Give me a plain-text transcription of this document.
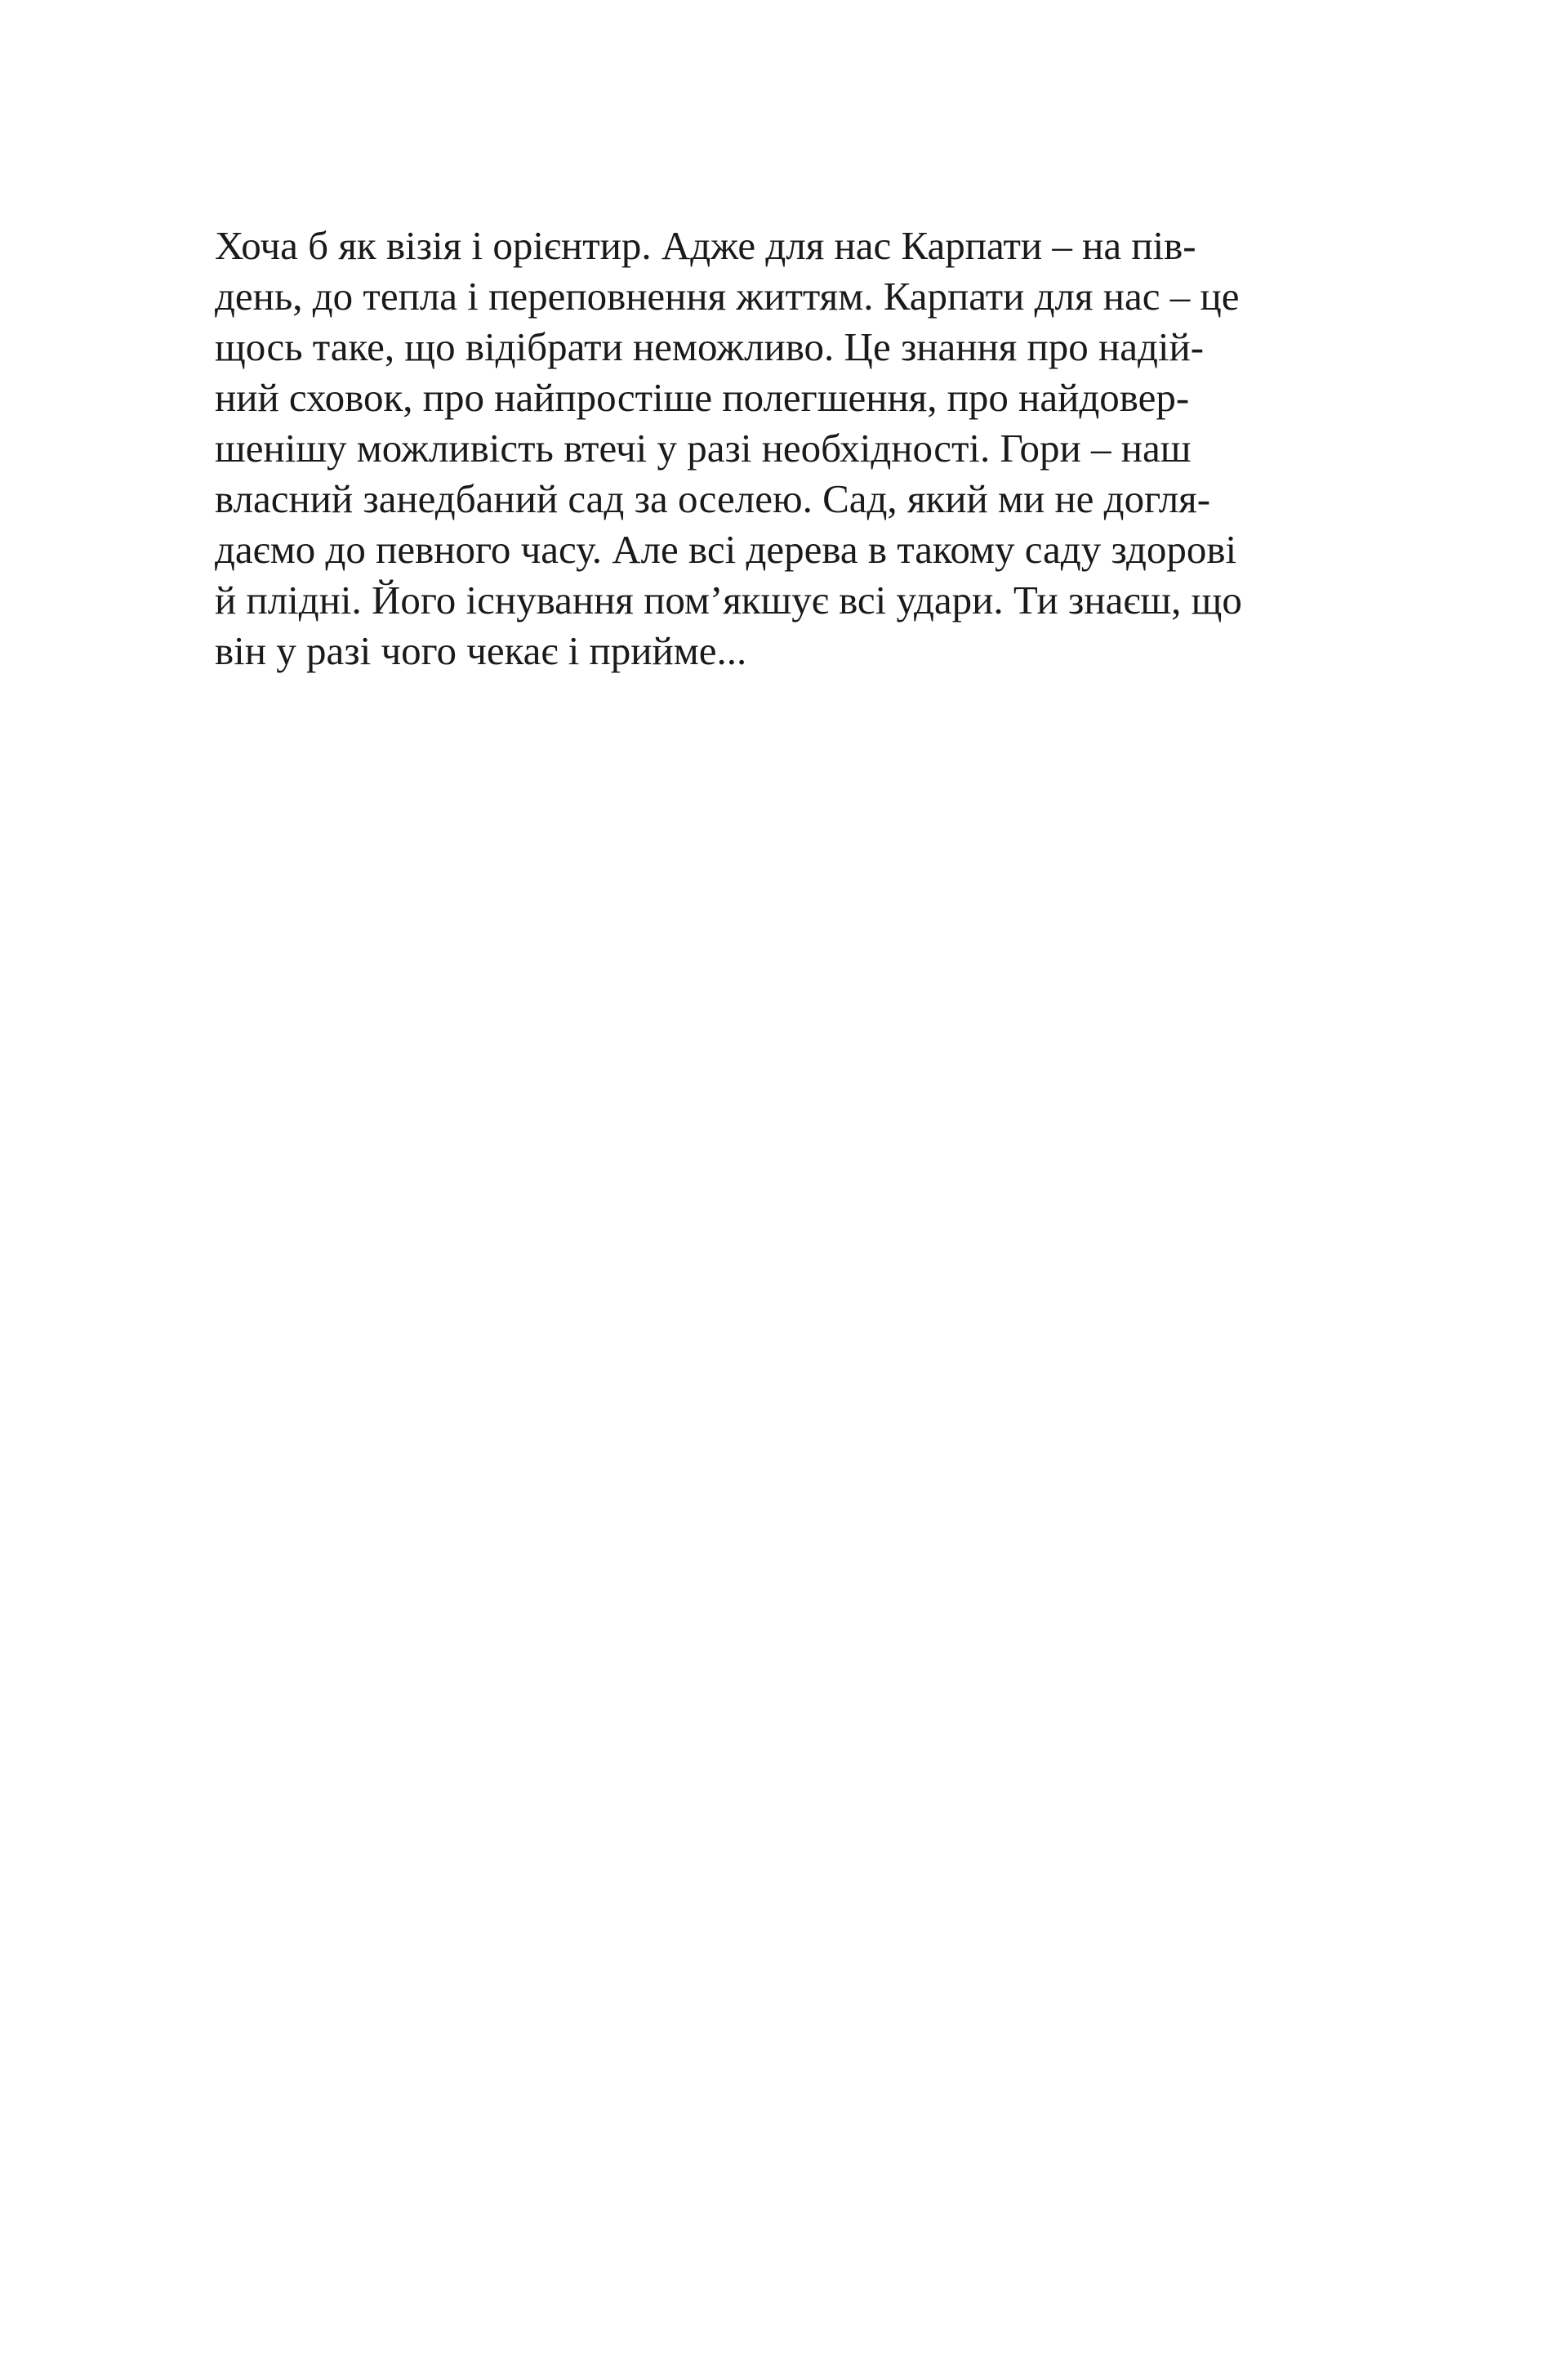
Хоча б як візія і орієнтир. Адже для нас Карпати – на пів-
день, до тепла і переповнення життям. Карпати для нас – це
щось таке, що відібрати неможливо. Це знання про надій-
ний сховок, про найпростіше полегшення, про найдовер-
шенішу можливість втечі у разі необхідності. Гори – наш
власний занедбаний сад за оселею. Сад, який ми не догля-
даємо до певного часу. Але всі дерева в такому саду здорові
й плідні. Його існування пом’якшує всі удари. Ти знаєш, що
він у разі чого чекає і прийме...
